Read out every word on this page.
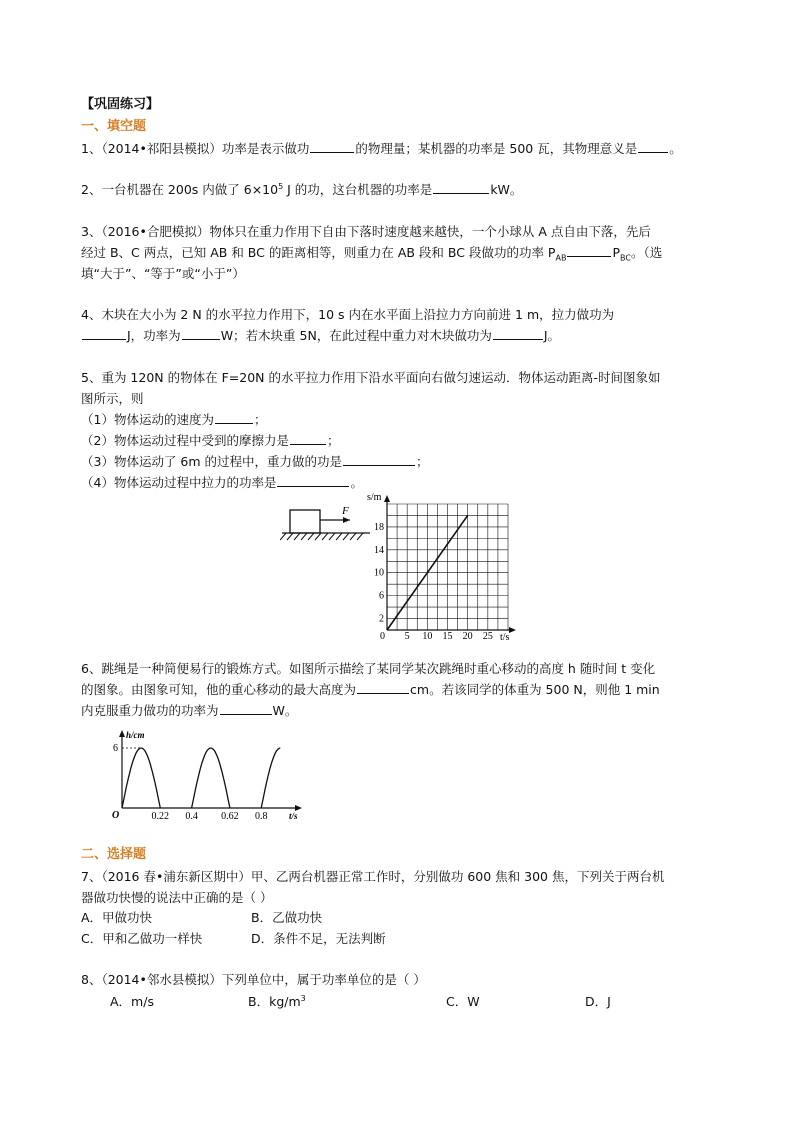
【巩固练习】
一、填空题
1、（2014•祁阳县模拟）功率是表示做功	的物理量；某机器的功率是 500 瓦，其物理意义是	。
2、一台机器在 200s 内做了 $6\times 10^5$ J 的功，这台机器的功率是	kW。
3、（2016•合肥模拟）物体只在重力作用下自由下落时速度越来越快，一个小球从 A 点自由下落，先后
经过 B、C 两点，已知 AB 和 BC 的距离相等，则重力在 AB 段和 BC 段做功的功率 $P_{AB}$	$P_{BC}$。（选
填“大于”、“等于”或“小于”）
4、木块在大小为 2 N 的水平拉力作用下，10 s 内在水平面上沿拉力方向前进 1 m，拉力做功为
J，功率为	W；若木块重 5N，在此过程中重力对木块做功为	J。
5、重为 120N 的物体在 F=20N 的水平拉力作用下沿水平面向右做匀速运动．物体运动距离-时间图象如
图所示，则
（1）物体运动的速度为	；
（2）物体运动过程中受到的摩擦力是	；
（3）物体运动了 6m 的过程中，重力做的功是	；
（4）物体运动过程中拉力的功率是	。
F
5 10 15 20 25
2
6
10
14
18
s/m
t/s
0
6、跳绳是一种简便易行的锻炼方式。如图所示描绘了某同学某次跳绳时重心移动的高度 h 随时间 t 变化
的图象。由图象可知，他的重心移动的最大高度为	cm。若该同学的体重为 500 N，则他 1 min
内克服重力做功的功率为	W。
6
0.22 0.4 0.62 0.8
h/cm
t/s
O
二、选择题
7、（2016 春•浦东新区期中）甲、乙两台机器正常工作时，分别做功 600 焦和 300 焦，下列关于两台机
器做功快慢的说法中正确的是（ ）
A．甲做功快	B．乙做功快
C．甲和乙做功一样快	D．条件不足，无法判断
8、（2014•邻水县模拟）下列单位中，属于功率单位的是（ ）
A．m/s	B．$kg/m^3$	C．W	D．J
